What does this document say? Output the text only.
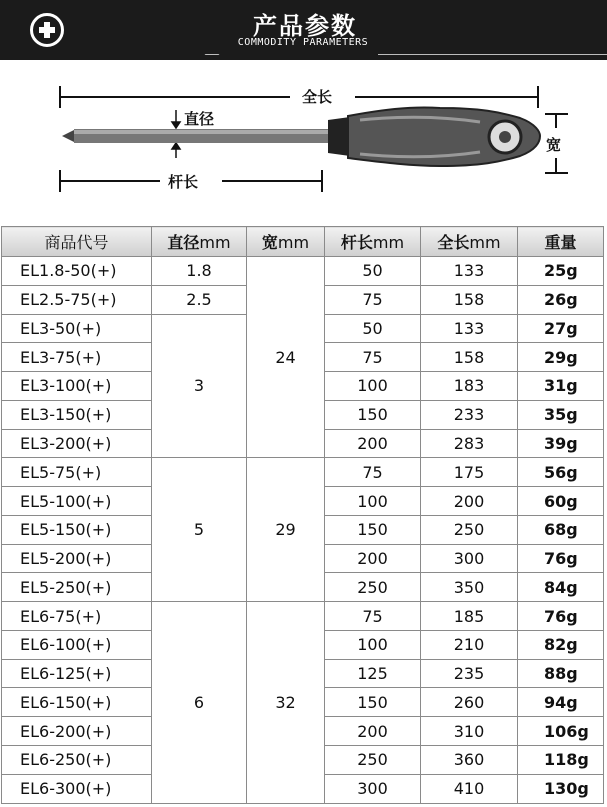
产品参数
COMMODITY PARAMETERS
全长
直径
宽
杆长
商品代号	直径mm	宽mm	杆长mm	全长mm	重量
EL1.8-50(+)	1.8	24	50	133	25g
EL2.5-75(+)	2.5		75	158	26g
EL3-50(+)	3		50	133	27g
EL3-75(+)			75	158	29g
EL3-100(+)			100	183	31g
EL3-150(+)			150	233	35g
EL3-200(+)			200	283	39g
EL5-75(+)	5	29	75	175	56g
EL5-100(+)			100	200	60g
EL5-150(+)			150	250	68g
EL5-200(+)			200	300	76g
EL5-250(+)			250	350	84g
EL6-75(+)	6	32	75	185	76g
EL6-100(+)			100	210	82g
EL6-125(+)			125	235	88g
EL6-150(+)			150	260	94g
EL6-200(+)			200	310	106g
EL6-250(+)			250	360	118g
EL6-300(+)			300	410	130g
